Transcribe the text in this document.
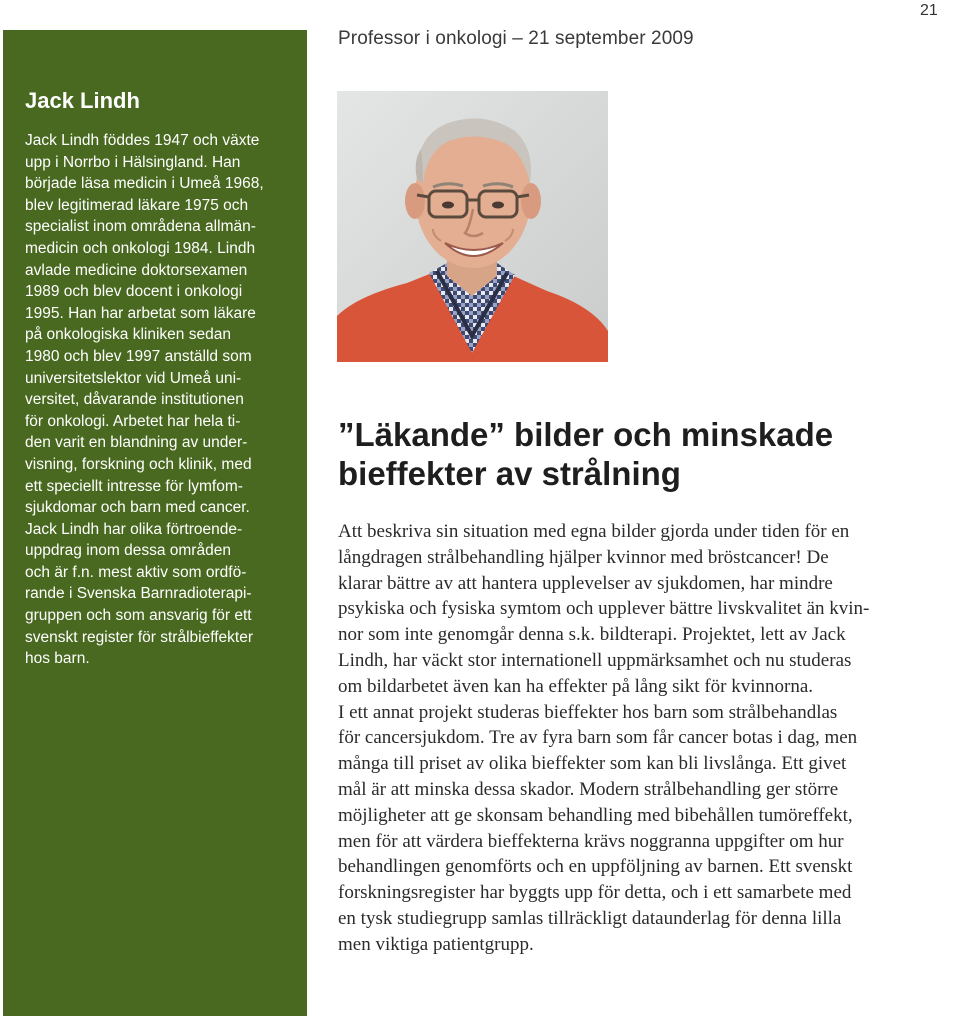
21
Professor i onkologi – 21 september 2009
Jack Lindh

Jack Lindh föddes 1947 och växte
upp i Norrbo i Hälsingland. Han
började läsa medicin i Umeå 1968,
blev legitimerad läkare 1975 och
specialist inom områdena allmän-
medicin och onkologi 1984. Lindh
avlade medicine doktorsexamen
1989 och blev docent i onkologi
1995. Han har arbetat som läkare
på onkologiska kliniken sedan
1980 och blev 1997 anställd som
universitetslektor vid Umeå uni-
versitet, dåvarande institutionen
för onkologi. Arbetet har hela ti-
den varit en blandning av under-
visning, forskning och klinik, med
ett speciellt intresse för lymfom-
sjukdomar och barn med cancer.
Jack Lindh har olika förtroende-
uppdrag inom dessa områden
och är f.n. mest aktiv som ordfö-
rande i Svenska Barnradioterapi-
gruppen och som ansvarig för ett
svenskt register för strålbieffekter
hos barn.

”Läkande” bilder och minskade
bieffekter av strålning

Att beskriva sin situation med egna bilder gjorda under tiden för en
långdragen strålbehandling hjälper kvinnor med bröstcancer! De
klarar bättre av att hantera upplevelser av sjukdomen, har mindre
psykiska och fysiska symtom och upplever bättre livskvalitet än kvin-
nor som inte genomgår denna s.k. bildterapi. Projektet, lett av Jack
Lindh, har väckt stor internationell uppmärksamhet och nu studeras
om bildarbetet även kan ha effekter på lång sikt för kvinnorna.

I ett annat projekt studeras bieffekter hos barn som strålbehandlas
för cancersjukdom. Tre av fyra barn som får cancer botas i dag, men
många till priset av olika bieffekter som kan bli livslånga. Ett givet
mål är att minska dessa skador. Modern strålbehandling ger större
möjligheter att ge skonsam behandling med bibehållen tumöreffekt,
men för att värdera bieffekterna krävs noggranna uppgifter om hur
behandlingen genomförts och en uppföljning av barnen. Ett svenskt
forskningsregister har byggts upp för detta, och i ett samarbete med
en tysk studiegrupp samlas tillräckligt dataunderlag för denna lilla
men viktiga patientgrupp.
